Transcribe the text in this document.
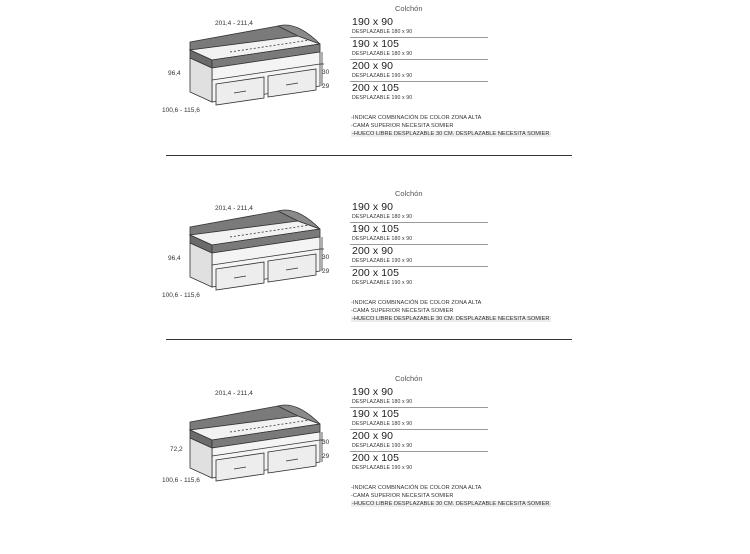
201,4 - 211,4
96,4
100,6 - 115,6
30
29
Colchón
190 x 90
DESPLAZABLE 180 x 90
190 x 105
DESPLAZABLE 180 x 90
200 x 90
DESPLAZABLE 190 x 90
200 x 105
DESPLAZABLE 190 x 90
-INDICAR COMBINACIÓN DE COLOR ZONA ALTA
-CAMA SUPERIOR NECESITA SOMIER
-HUECO LIBRE DESPLAZABLE 30 CM. DESPLAZABLE NECESITA SOMIER
201,4 - 211,4
96,4
100,6 - 115,6
30
29
Colchón
190 x 90
DESPLAZABLE 180 x 90
190 x 105
DESPLAZABLE 180 x 90
200 x 90
DESPLAZABLE 190 x 90
200 x 105
DESPLAZABLE 190 x 90
-INDICAR COMBINACIÓN DE COLOR ZONA ALTA
-CAMA SUPERIOR NECESITA SOMIER
-HUECO LIBRE DESPLAZABLE 30 CM. DESPLAZABLE NECESITA SOMIER
201,4 - 211,4
72,2
100,6 - 115,6
30
29
Colchón
190 x 90
DESPLAZABLE 180 x 90
190 x 105
DESPLAZABLE 180 x 90
200 x 90
DESPLAZABLE 190 x 90
200 x 105
DESPLAZABLE 190 x 90
-INDICAR COMBINACIÓN DE COLOR ZONA ALTA
-CAMA SUPERIOR NECESITA SOMIER
-HUECO LIBRE DESPLAZABLE 30 CM. DESPLAZABLE NECESITA SOMIER
